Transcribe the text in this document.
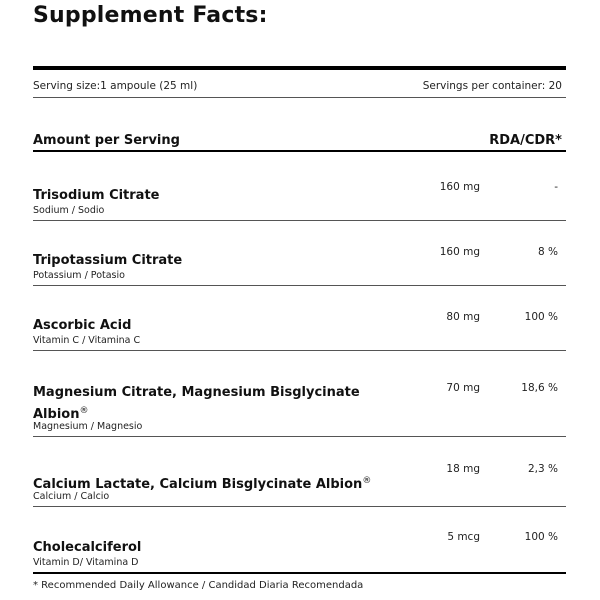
Supplement Facts:
Serving size:1 ampoule (25 ml)	Servings per container: 20
Amount per Serving	RDA/CDR*
160 mg	-
Trisodium Citrate
Sodium / Sodio
160 mg	8 %
Tripotassium Citrate
Potassium / Potasio
80 mg	100 %
Ascorbic Acid
Vitamin C / Vitamina C
70 mg	18,6 %
Magnesium Citrate, Magnesium Bisglycinate
Albion®
Magnesium / Magnesio
18 mg	2,3 %
Calcium Lactate, Calcium Bisglycinate Albion®
Calcium / Calcio
5 mcg	100 %
Cholecalciferol
Vitamin D/ Vitamina D
* Recommended Daily Allowance / Candidad Diaria Recomendada
